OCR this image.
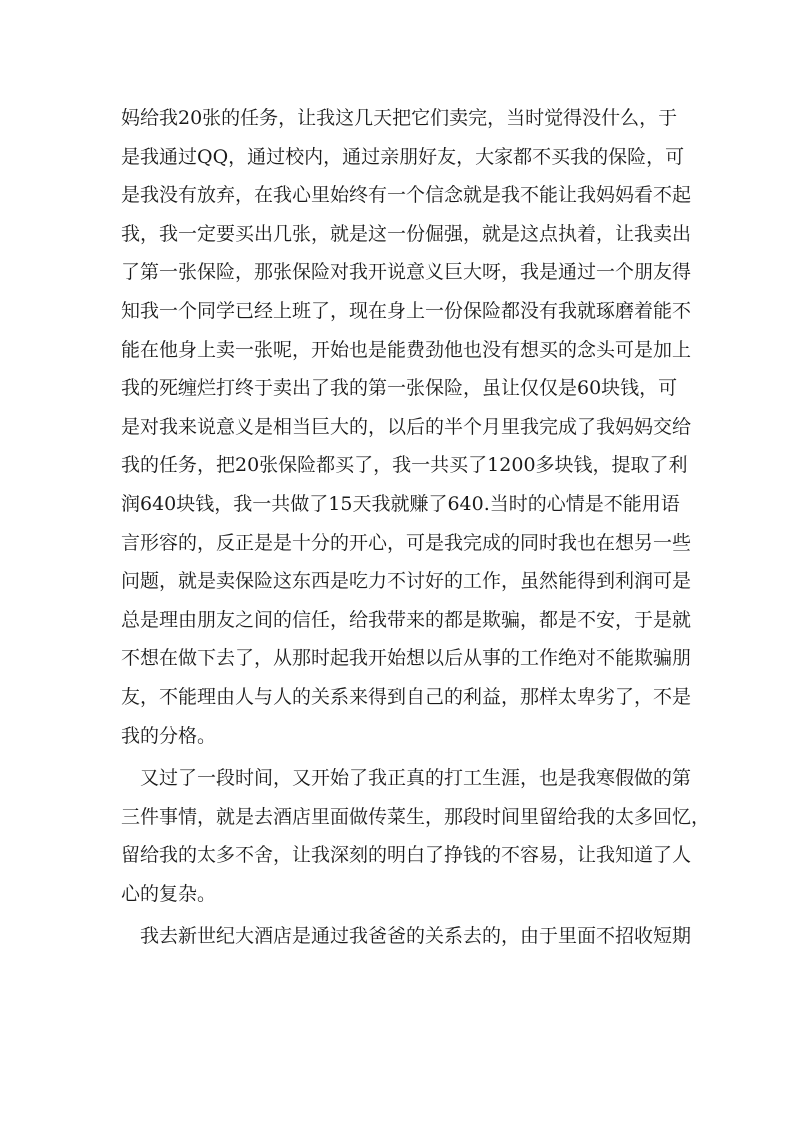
妈给我20张的任务，让我这几天把它们卖完，当时觉得没什么，于
是我通过QQ，通过校内，通过亲朋好友，大家都不买我的保险，可
是我没有放弃，在我心里始终有一个信念就是我不能让我妈妈看不起
我，我一定要买出几张，就是这一份倔强，就是这点执着，让我卖出
了第一张保险，那张保险对我开说意义巨大呀，我是通过一个朋友得
知我一个同学已经上班了，现在身上一份保险都没有我就琢磨着能不
能在他身上卖一张呢，开始也是能费劲他也没有想买的念头可是加上
我的死缠烂打终于卖出了我的第一张保险，虽让仅仅是60块钱，可
是对我来说意义是相当巨大的，以后的半个月里我完成了我妈妈交给
我的任务，把20张保险都买了，我一共买了1200多块钱，提取了利
润640块钱，我一共做了15天我就赚了640.当时的心情是不能用语
言形容的，反正是是十分的开心，可是我完成的同时我也在想另一些
问题，就是卖保险这东西是吃力不讨好的工作，虽然能得到利润可是
总是理由朋友之间的信任，给我带来的都是欺骗，都是不安，于是就
不想在做下去了，从那时起我开始想以后从事的工作绝对不能欺骗朋
友，不能理由人与人的关系来得到自己的利益，那样太卑劣了，不是
我的分格。
又过了一段时间，又开始了我正真的打工生涯，也是我寒假做的第
三件事情，就是去酒店里面做传菜生，那段时间里留给我的太多回忆，
留给我的太多不舍，让我深刻的明白了挣钱的不容易，让我知道了人
心的复杂。
我去新世纪大酒店是通过我爸爸的关系去的，由于里面不招收短期
